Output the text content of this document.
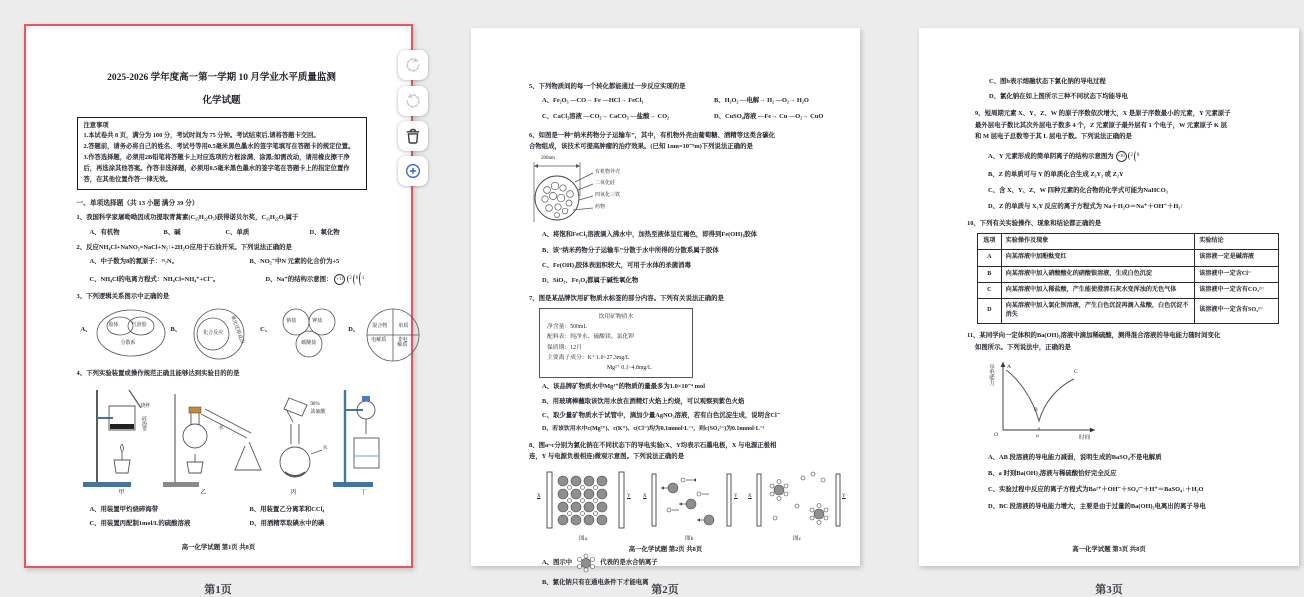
2025-2026 学年度高一第一学期 10 月学业水平质量监测
化学试题
注意事项
1.本试卷共 8 页，满分为 100 分，考试时间为 75 分钟。考试结束后,请将答题卡交回。
2.答题前，请务必将自己的姓名、考试号等用0.5毫米黑色墨水的签字笔填写在答题卡的规定位置。
3.作答选择题，必须用2B铅笔将答题卡上对应选项的方框涂满、涂黑;如需改动，请用橡皮擦干净后，再选涂其他答案。作答非选择题，必须用0.5毫米黑色墨水的签字笔在答题卡上的指定位置作答，在其他位置作答一律无效。
一、单项选择题（共 13 小题 满分 39 分）
1、我国科学家屠呦呦因成功提取青蒿素(C₁₅H₂₂O₅)获得诺贝尔奖，C₁₅H₂₂O₅属于
A、有机物	B、碱	C、单质	D、氧化物
2、反应NH₄Cl+NaNO₂=NaCl+N₂↑+2H₂O应用于石油开采。下列说法正确的是
A、中子数为8的氮原子：¹⁵₇N。	B、NO₂⁻中N 元素的化合价为+5
C、NH₄Cl的电离方程式：NH₄Cl=NH₄⁺+Cl⁻。	D、Na⁺的结构示意图： +11	2 8 1
3、下列逻辑关系图示中正确的是
A、
胶体	气溶胶
分散系
B、
化合反应 氧化还原反应 C、
钠盐	钾盐
碳酸盐
D、	混合物 单质
电解质 非电解质
4、下列实验装置或操作规范正确且能够达到实验目的的是
烧杯
碎海带	水
98%
浓硫酸
水
甲	乙	丙	丁
A、用装置甲灼烧碎海带	B、用装置乙分离苯和CCl₄
C、用装置丙配制1mol/L的硫酸溶液	D、用酒精萃取碘水中的碘
高一化学试题 第1页 共8页
5、下列物质间的每一个转化都能通过一步反应实现的是
A、Fe₂O₃ —CO→ Fe —HCl→ FeCl₃	B、H₂O₂ —电解→ H₂ —O₂→ H₂O
C、CaCl₂溶液 —CO₂→ CaCO₃ —盐酸→ CO₂	D、CuSO₄溶液 —Fe→ Cu —O₂→ CuO
6、如图是一种“纳米药物分子运输车”，其中，有机物外壳由葡萄糖、酒精等这类含碳化
合物组成，该技术可提高肿瘤的治疗效果。(已知 1nm=10⁻⁹m)下列说法正确的是
200nm
有机物外壳
二氧化硅
四氧化三铁
药物
A、将饱和FeCl₃溶液滴入沸水中，加热至液体呈红褐色，即得到Fe(OH)₃胶体
B、该“纳米药物分子运输车”分散于水中所得的分散系属于胶体
C、Fe(OH)₃胶体表面积较大，可用于水体的杀菌消毒
D、SiO₂、Fe₃O₄都属于碱性氧化物
7、图是某品牌饮用矿物质水标签的部分内容。下列有关说法正确的是
饮用矿物质水
净含量：500mL
配料表：纯净水、硫酸镁、氯化钾
保质期：12月
主要离子成分：K⁺ 1.0~27.3mg/L
Mg²⁺ 0.1~4.8mg/L
A、该品牌矿物质水中Mg²⁺的物质的量最多为1.0×10⁻⁴ mol
B、用玻璃棒蘸取该饮用水放在酒精灯火焰上灼烧，可以观察到紫色火焰
C、取少量矿物质水于试管中，滴加少量AgNO₃溶液，若有白色沉淀生成，说明含Cl⁻
D、若该饮用水中c(Mg²⁺)、c(K⁺)、c(Cl⁻)均为0.1mmol·L⁻¹，则c(SO₄²⁻)为0.1mmol·L⁻¹
8、图a~c分别为氯化钠在不同状态下的导电实验(X、Y均表示石墨电极，X 与电源正极相
连，Y 与电源负极相连)微观示意图。下列说法正确的是
X	Y X	Y X	Y
图a	图b	图c
A、图示中	代表的是水合钠离子
B、氯化钠只有在通电条件下才能电离
高一化学试题 第2页 共8页
C、图b表示熔融状态下氯化钠的导电过程
D、氯化钠在如上图所示三种不同状态下均能导电
9、短周期元素 X、Y、Z、W 的原子序数依次增大，X 是原子序数最小的元素，Y 元素原子
最外层电子数比其次外层电子数多 4 个，Z 元素原子最外层有 1 个电子，W 元素原子 K 层
和 M 层电子总数等于其 L 层电子数。下列说法正确的是
A、Y 元素形成的简单阴离子的结构示意图为 +10	2 8
B、Z 的单质可与 Y 的单质化合生成 Z₂Y₂ 或 Z₂Y
C、含 X、Y、Z、W 四种元素的化合物的化学式可能为NaHCO₃
D、Z 的单质与 X₂Y 反应的离子方程式为 Na＋H₂O＝Na⁺＋OH⁻＋H₂↑
10、下列有关实验操作、现象和结论都正确的是
选项	实验操作及现象	实验结论
A	向某溶液中加酚酞变红	该溶液一定是碱溶液
B	向某溶液中加入硝酸酸化的硝酸银溶液，生成白色沉淀	该溶液中一定含Cl⁻
C	向某溶液中加入稀盐酸，产生能使澄清石灰水变浑浊的无色气体	该溶液中一定含有CO₃²⁻
D	向某溶液中加入氯化钡溶液，产生白色沉淀再滴入盐酸，白色沉淀不消失	该溶液中一定含有SO₄²⁻
11、某同学向一定体积的Ba(OH)₂溶液中滴加稀硫酸，测得混合溶液的导电能力随时间变化
如图所示。下列说法中，正确的是
导电能力 A
B
C
O	a	时间
A、AB 段溶液的导电能力减弱，说明生成的BaSO₄不是电解质
B、a 时刻Ba(OH)₂溶液与稀硫酸恰好完全反应
C、实验过程中反应的离子方程式为Ba²⁺＋OH⁻＋SO₄²⁻＋H⁺＝BaSO₄↓＋H₂O
D、BC 段溶液的导电能力增大，主要是由于过量的Ba(OH)₂电离出的离子导电
高一化学试题 第3页 共8页
第1页	第2页	第3页
